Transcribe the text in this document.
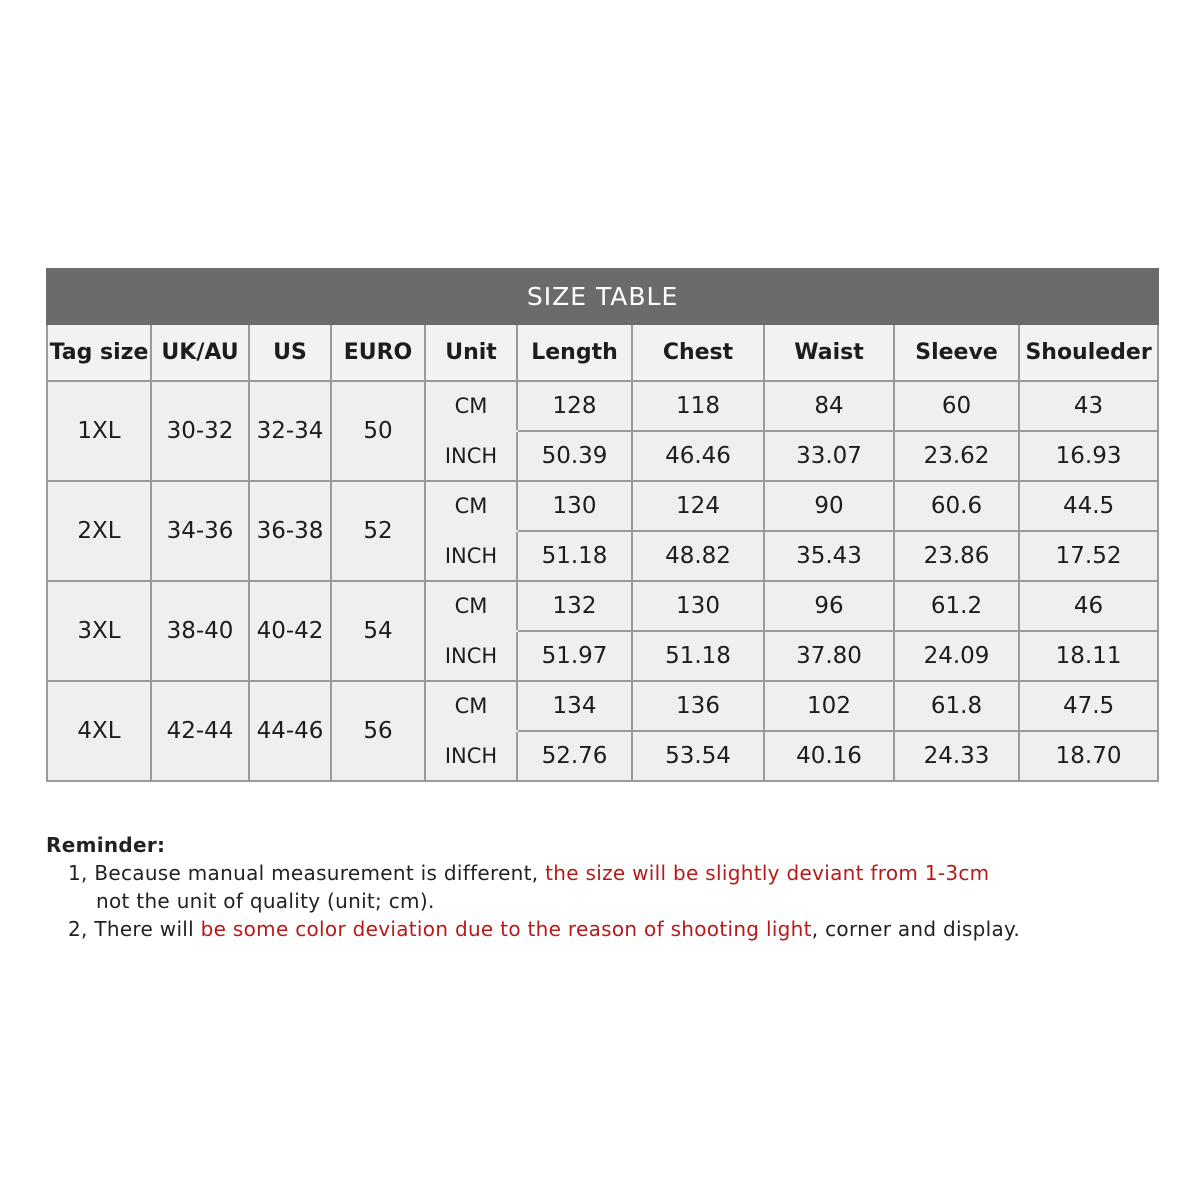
SIZE TABLE									
Tag size	UK/AU	US	EURO	Unit	Length	Chest	Waist	Sleeve	Shouleder
1XL	30-32	32-34	50	CM	128	118	84	60	43
				INCH	50.39	46.46	33.07	23.62	16.93
2XL	34-36	36-38	52	CM	130	124	90	60.6	44.5
				INCH	51.18	48.82	35.43	23.86	17.52
3XL	38-40	40-42	54	CM	132	130	96	61.2	46
				INCH	51.97	51.18	37.80	24.09	18.11
4XL	42-44	44-46	56	CM	134	136	102	61.8	47.5
				INCH	52.76	53.54	40.16	24.33	18.70
Reminder:
1, Because manual measurement is different, the size will be slightly deviant from 1-3cm
not the unit of quality (unit; cm).
2, There will be some color deviation due to the reason of shooting light, corner and display.
